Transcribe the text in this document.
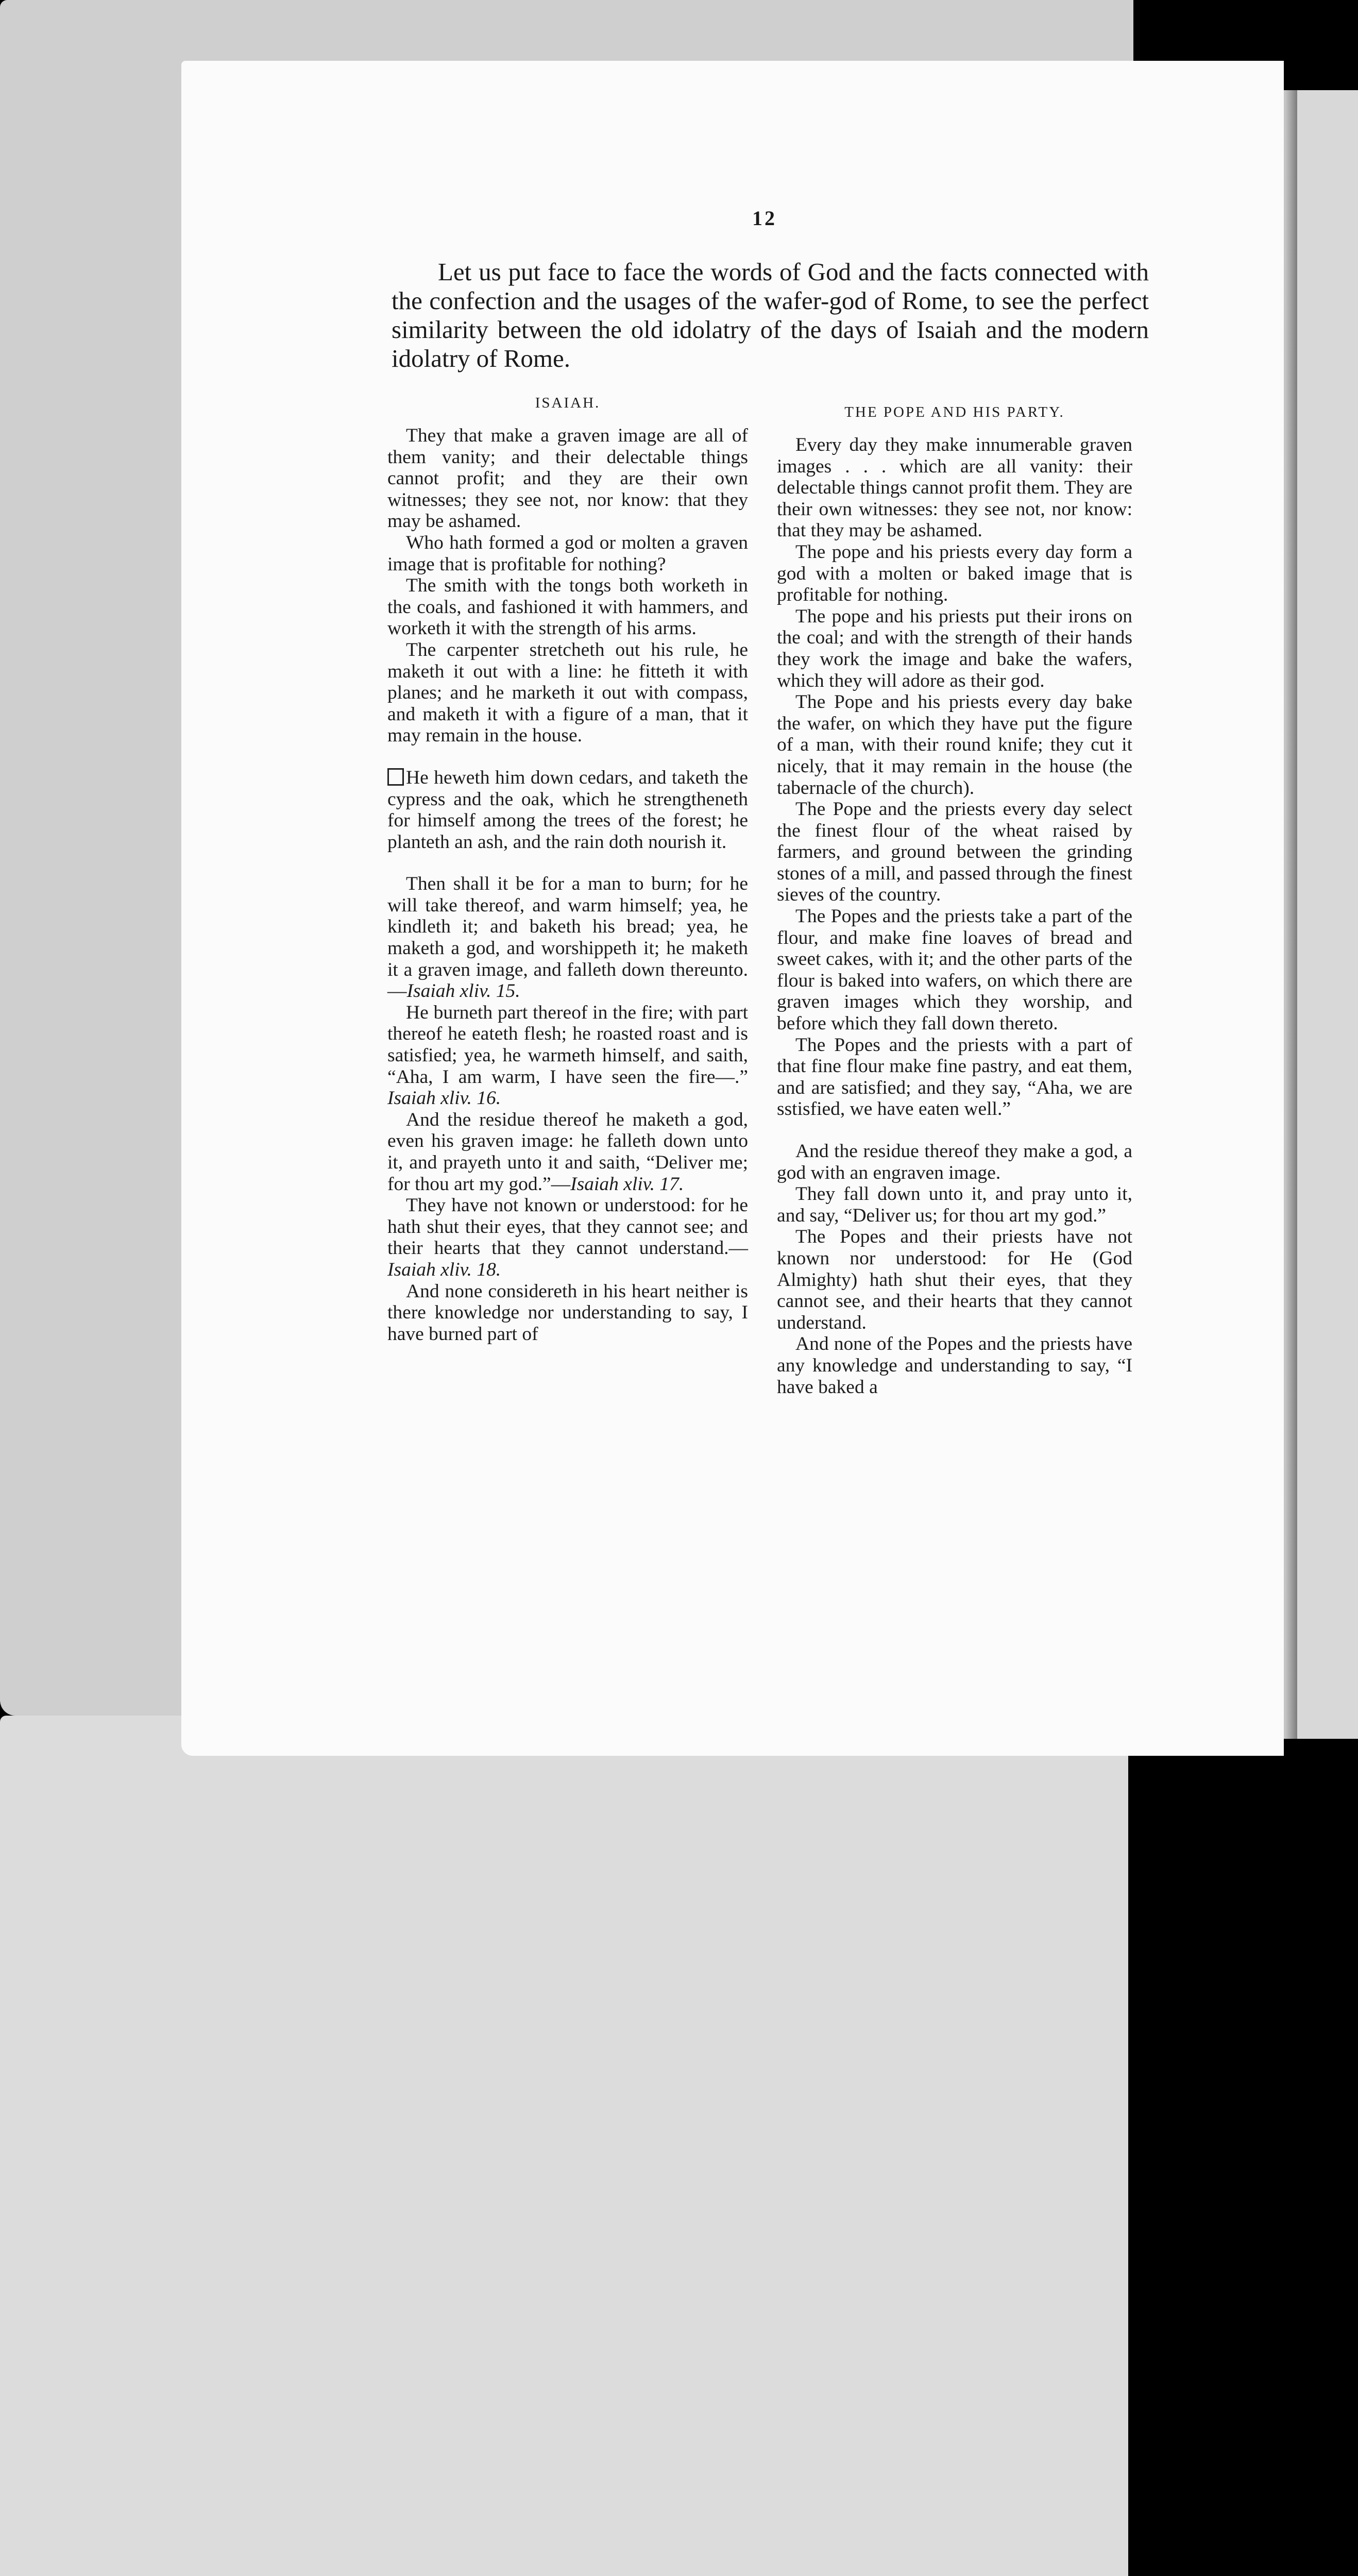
12

Let us put face to face the words of God and the facts connected with the confection and the usages of the wafer-god of Rome, to see the perfect similarity between the old idolatry of the days of Isaiah and the modern idolatry of Rome.

ISAIAH.

They that make a graven image are all of them vanity; and their delectable things cannot profit; and they are their own witnesses; they see not, nor know: that they may be ashamed.

Who hath formed a god or molten a graven image that is profitable for nothing?

The smith with the tongs both worketh in the coals, and fashioned it with hammers, and worketh it with the strength of his arms.

The carpenter stretcheth out his rule, he maketh it out with a line: he fitteth it with planes; and he marketh it out with compass, and maketh it with a figure of a man, that it may remain in the house.

He heweth him down cedars, and taketh the cypress and the oak, which he strengtheneth for himself among the trees of the forest; he planteth an ash, and the rain doth nourish it.

Then shall it be for a man to burn; for he will take thereof, and warm himself; yea, he kindleth it; and baketh his bread; yea, he maketh a god, and worshippeth it; he maketh it a graven image, and falleth down thereunto.—Isaiah xliv. 15.

He burneth part thereof in the fire; with part thereof he eateth flesh; he roasted roast and is satisfied; yea, he warmeth himself, and saith, “Aha, I am warm, I have seen the fire—.” Isaiah xliv. 16.

And the residue thereof he maketh a god, even his graven image: he falleth down unto it, and prayeth unto it and saith, “Deliver me; for thou art my god.”—Isaiah xliv. 17.

They have not known or understood: for he hath shut their eyes, that they cannot see; and their hearts that they cannot understand.—Isaiah xliv. 18.

And none considereth in his heart neither is there knowledge nor understanding to say, I have burned part of

THE POPE AND HIS PARTY.

Every day they make innumerable graven images . . . which are all vanity: their delectable things cannot profit them. They are their own witnesses: they see not, nor know: that they may be ashamed.

The pope and his priests every day form a god with a molten or baked image that is profitable for nothing.

The pope and his priests put their irons on the coal; and with the strength of their hands they work the image and bake the wafers, which they will adore as their god.

The Pope and his priests every day bake the wafer, on which they have put the figure of a man, with their round knife; they cut it nicely, that it may remain in the house (the tabernacle of the church).

The Pope and the priests every day select the finest flour of the wheat raised by farmers, and ground between the grinding stones of a mill, and passed through the finest sieves of the country.

The Popes and the priests take a part of the flour, and make fine loaves of bread and sweet cakes, with it; and the other parts of the flour is baked into wafers, on which there are graven images which they worship, and before which they fall down thereto.

The Popes and the priests with a part of that fine flour make fine pastry, and eat them, and are satisfied; and they say, “Aha, we are sstisfied, we have eaten well.”

And the residue thereof they make a god, a god with an engraven image.

They fall down unto it, and pray unto it, and say, “Deliver us; for thou art my god.”

The Popes and their priests have not known nor understood: for He (God Almighty) hath shut their eyes, that they cannot see, and their hearts that they cannot understand.

And none of the Popes and the priests have any knowledge and understanding to say, “I have baked a
